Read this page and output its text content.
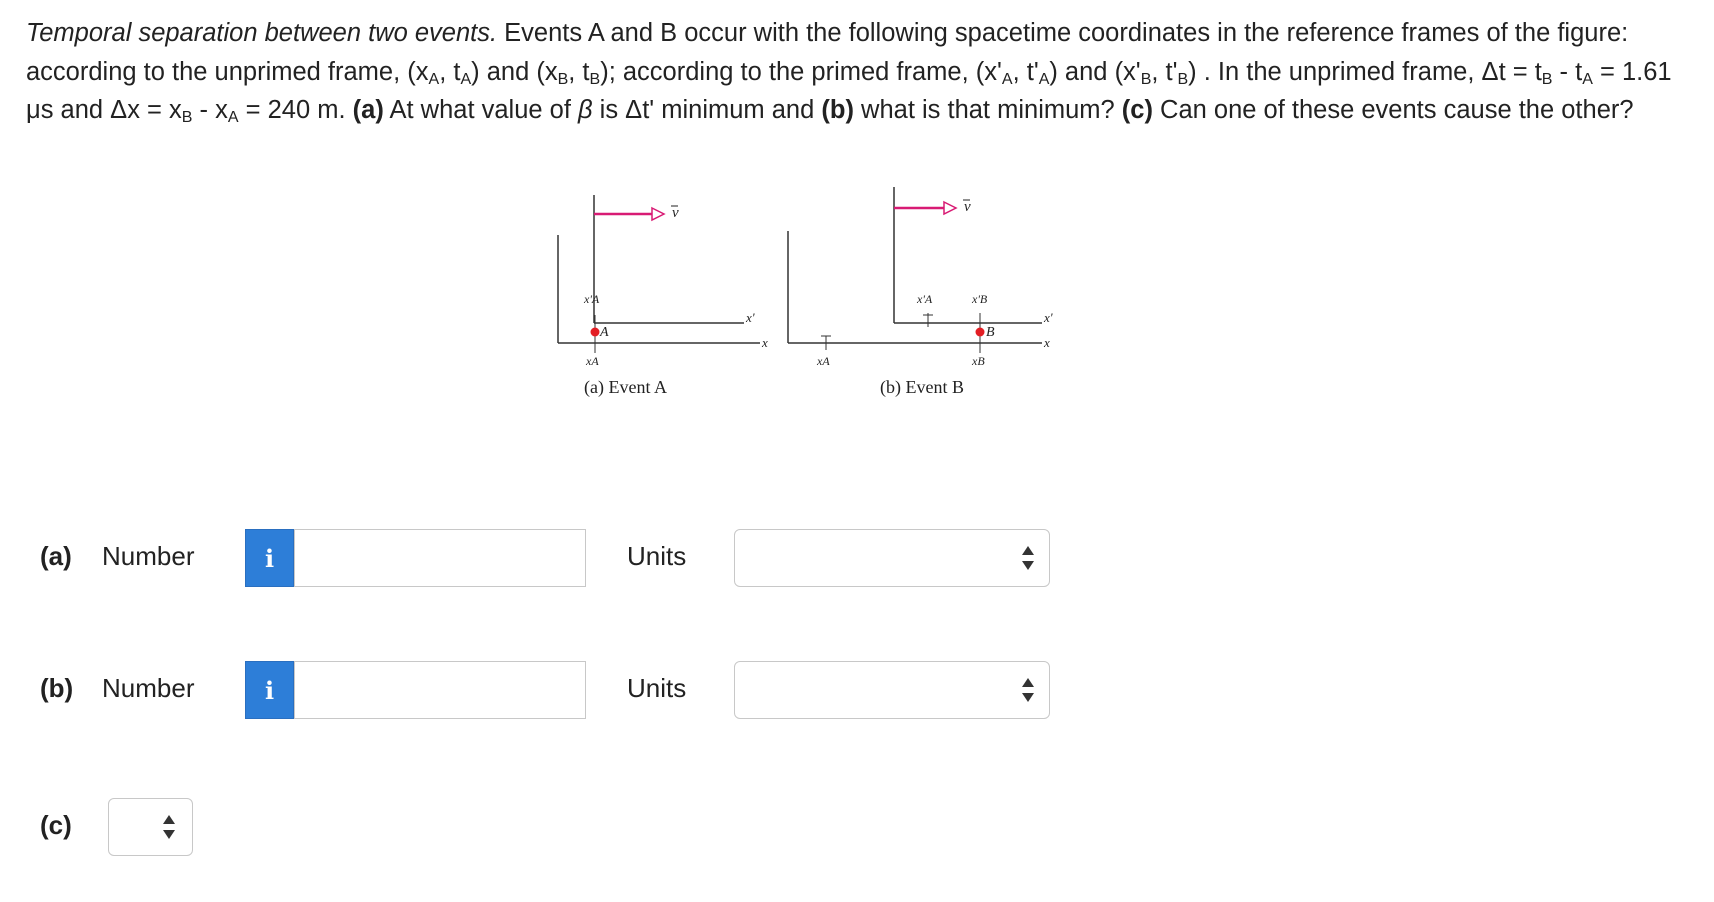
Temporal separation between two events. Events A and B occur with the following spacetime coordinates in the reference frames of the figure: according to the unprimed frame, ($x_A$, $t_A$) and ($x_B$, $t_B$); according to the primed frame, ($x'_A$, $t'_A$) and ($x'_B$, $t'_B$) . In the unprimed frame, $\Delta t = t_B - t_A = 1.61$ μs and $\Delta x = x_B - x_A = 240$ m. (a) At what value of β is Δt' minimum and (b) what is that minimum? (c) Can one of these events cause the other?
v
x'
x
x'A
A
xA
(a) Event A
v
x'
x
xA
x'A	x'B
B
xB
(b) Event B
(a) Number	i	Units
(b) Number	i	Units
(c)
